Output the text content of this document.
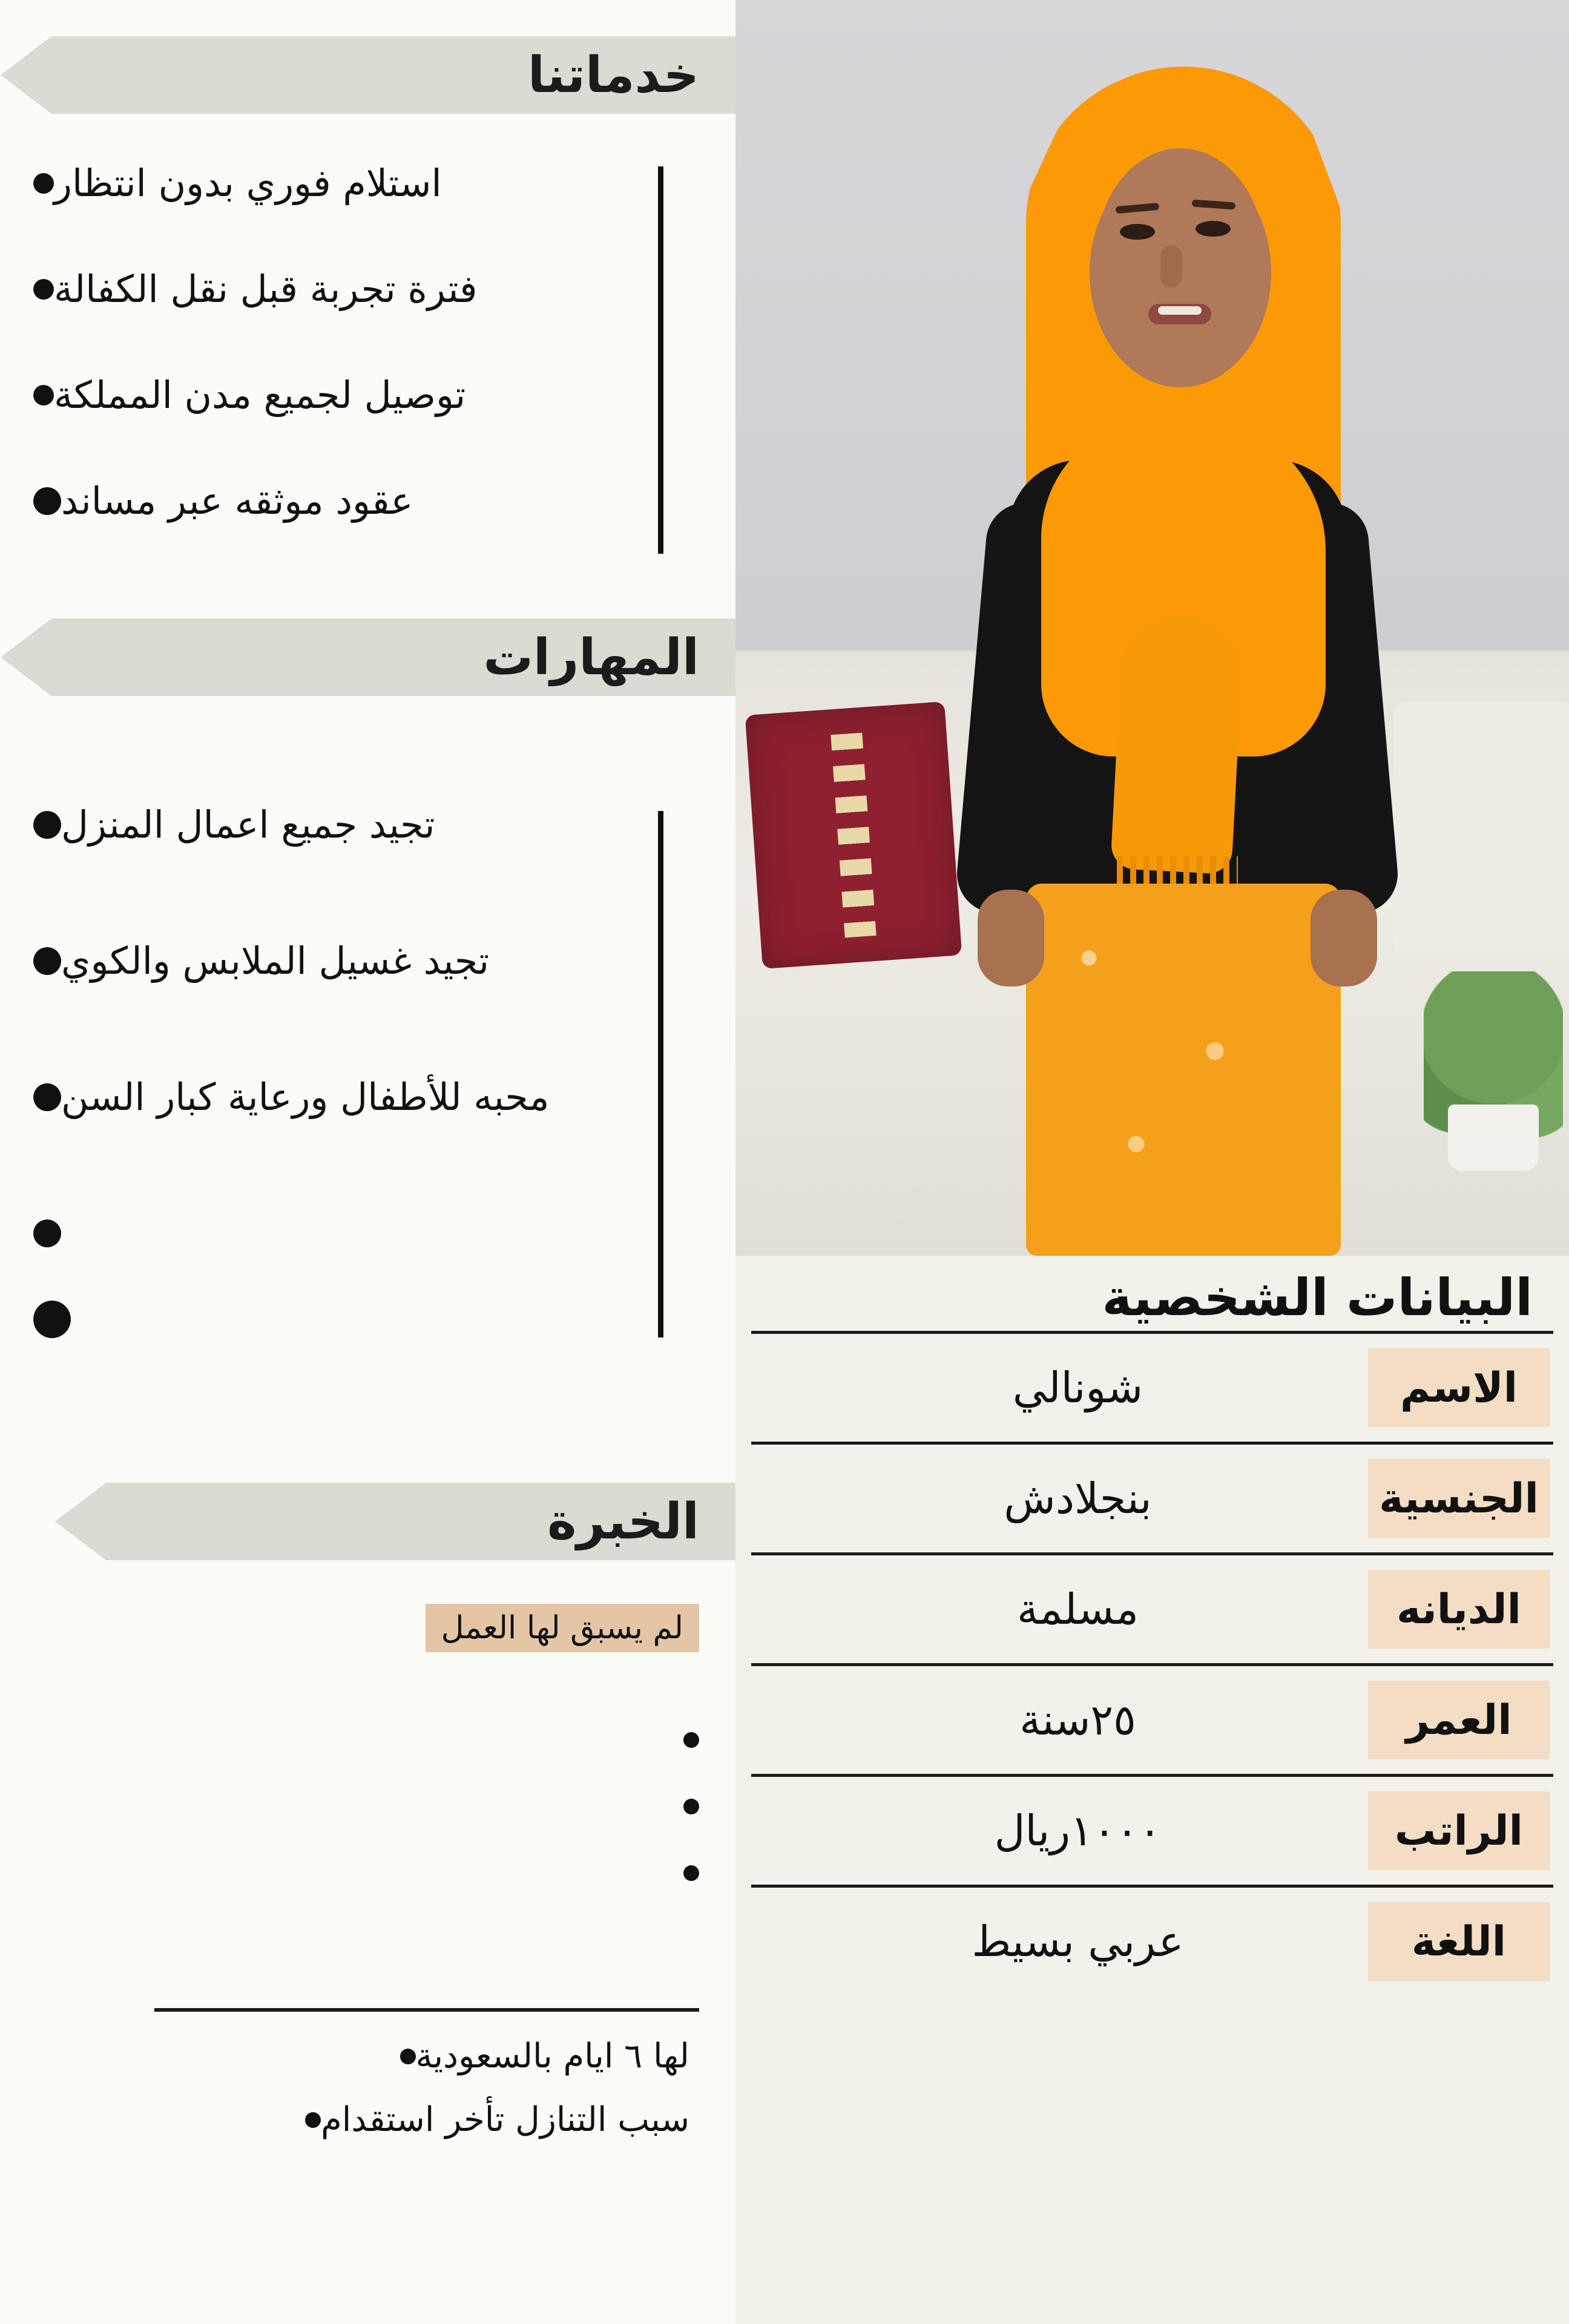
خدماتنا
استلام فوري بدون انتظار
فترة تجربة قبل نقل الكفالة
توصيل لجميع مدن المملكة
عقود موثقه عبر مساند
المهارات
تجيد جميع اعمال المنزل
تجيد غسيل الملابس والكوي
محبه للأطفال ورعاية كبار السن
الخبرة
لم يسبق لها العمل
لها ٦ ايام بالسعودية
سبب التنازل تأخر استقدام
البيانات الشخصية
الاسم
شونالي
الجنسية
بنجلادش
الديانه
مسلمة
العمر
٢٥سنة
الراتب
١٠٠٠ريال
اللغة
عربي بسيط
